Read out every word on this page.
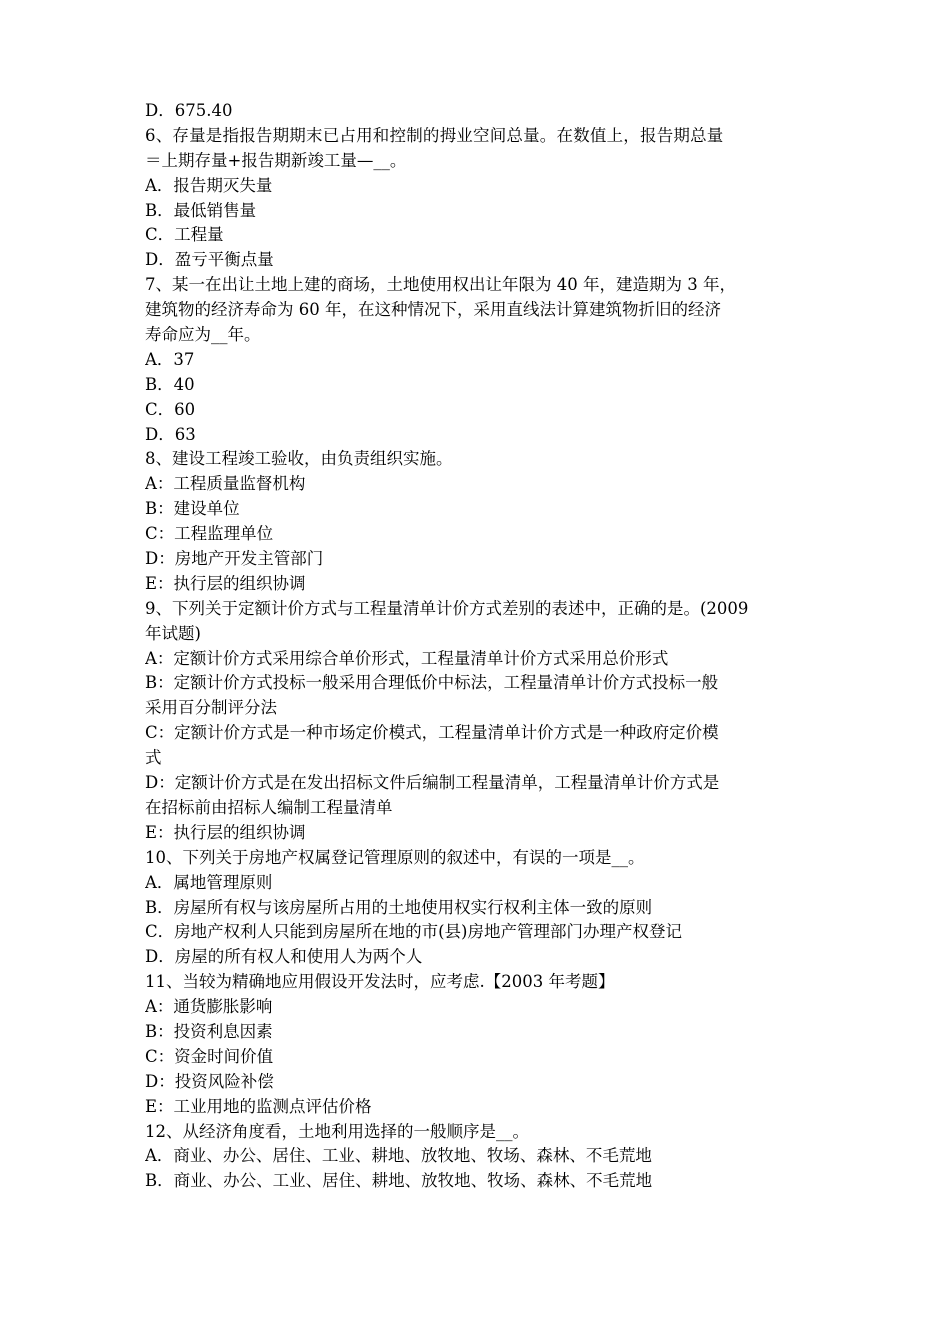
D．675.40
6、存量是指报告期期末已占用和控制的拇业空间总量。在数值上，报告期总量
＝上期存量+报告期新竣工量—__。
A．报告期灭失量
B．最低销售量
C．工程量
D．盈亏平衡点量
7、某一在出让土地上建的商场，土地使用权出让年限为 40 年，建造期为 3 年，
建筑物的经济寿命为 60 年，在这种情况下，采用直线法计算建筑物折旧的经济
寿命应为__年。
A．37
B．40
C．60
D．63
8、建设工程竣工验收，由负责组织实施。
A：工程质量监督机构
B：建设单位
C：工程监理单位
D：房地产开发主管部门
E：执行层的组织协调
9、下列关于定额计价方式与工程量清单计价方式差别的表述中，正确的是。(2009
年试题)
A：定额计价方式采用综合单价形式，工程量清单计价方式采用总价形式
B：定额计价方式投标一般采用合理低价中标法，工程量清单计价方式投标一般
采用百分制评分法
C：定额计价方式是一种市场定价模式，工程量清单计价方式是一种政府定价模
式
D：定额计价方式是在发出招标文件后编制工程量清单，工程量清单计价方式是
在招标前由招标人编制工程量清单
E：执行层的组织协调
10、下列关于房地产权属登记管理原则的叙述中，有误的一项是__。
A．属地管理原则
B．房屋所有权与该房屋所占用的土地使用权实行权利主体一致的原则
C．房地产权利人只能到房屋所在地的市(县)房地产管理部门办理产权登记
D．房屋的所有权人和使用人为两个人
11、当较为精确地应用假设开发法时，应考虑.【2003 年考题】
A：通货膨胀影响
B：投资利息因素
C：资金时间价值
D：投资风险补偿
E：工业用地的监测点评估价格
12、从经济角度看，土地利用选择的一般顺序是__。
A．商业、办公、居住、工业、耕地、放牧地、牧场、森林、不毛荒地
B．商业、办公、工业、居住、耕地、放牧地、牧场、森林、不毛荒地
